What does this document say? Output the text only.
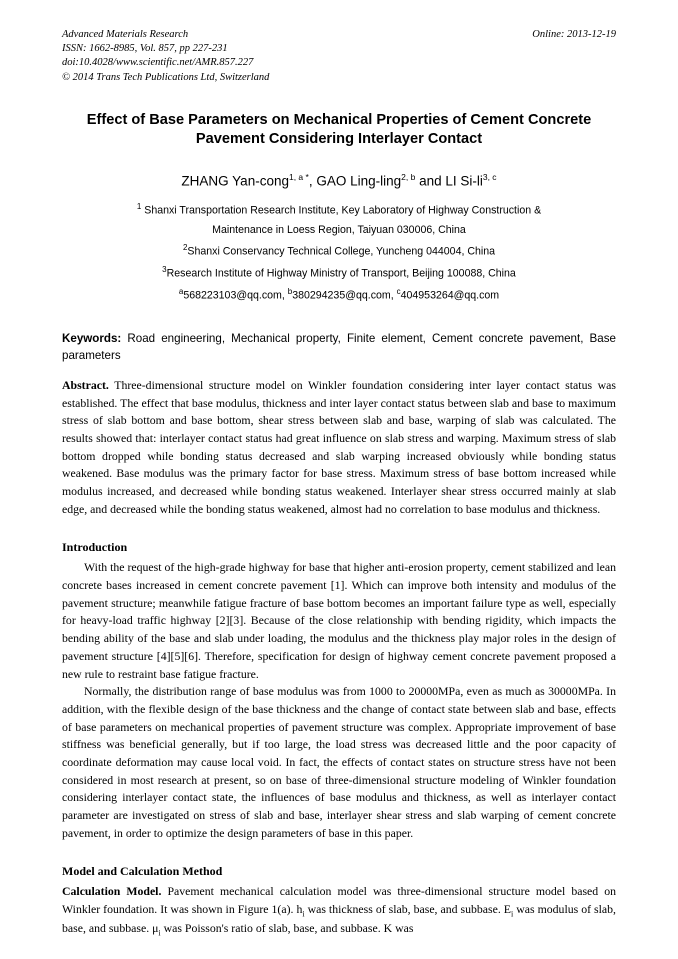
Advanced Materials Research
ISSN: 1662-8985, Vol. 857, pp 227-231
doi:10.4028/www.scientific.net/AMR.857.227
© 2014 Trans Tech Publications Ltd, Switzerland
Online: 2013-12-19
Effect of Base Parameters on Mechanical Properties of Cement Concrete Pavement Considering Interlayer Contact
ZHANG Yan-cong$^{1, a *}$, GAO Ling-ling$^{2, b}$ and LI Si-li$^{3, c}$
$^1$ Shanxi Transportation Research Institute, Key Laboratory of Highway Construction &
Maintenance in Loess Region, Taiyuan 030006, China
$^2$Shanxi Conservancy Technical College, Yuncheng 044004, China
$^3$Research Institute of Highway Ministry of Transport, Beijing 100088, China
$^a$568223103@qq.com, $^b$380294235@qq.com, $^c$404953264@qq.com
Keywords: Road engineering, Mechanical property, Finite element, Cement concrete pavement, Base parameters
Abstract. Three-dimensional structure model on Winkler foundation considering inter layer contact status was established. The effect that base modulus, thickness and inter layer contact status between slab and base to maximum stress of slab bottom and base bottom, shear stress between slab and base, warping of slab was calculated. The results showed that: interlayer contact status had great influence on slab stress and warping. Maximum stress of slab bottom dropped while bonding status decreased and slab warping increased obviously while bonding status weakened. Base modulus was the primary factor for base stress. Maximum stress of base bottom increased while modulus increased, and decreased while bonding status weakened. Interlayer shear stress occurred mainly at slab edge, and decreased while the bonding status weakened, almost had no correlation to base modulus and thickness.
Introduction

With the request of the high-grade highway for base that higher anti-erosion property, cement stabilized and lean concrete bases increased in cement concrete pavement [1]. Which can improve both intensity and modulus of the pavement structure; meanwhile fatigue fracture of base bottom becomes an important failure type as well, especially for heavy-load traffic highway [2][3]. Because of the close relationship with bending rigidity, which impacts the bending ability of the base and slab under loading, the modulus and the thickness play major roles in the design of pavement structure [4][5][6]. Therefore, specification for design of highway cement concrete pavement proposed a new rule to restraint base fatigue fracture.

Normally, the distribution range of base modulus was from 1000 to 20000MPa, even as much as 30000MPa. In addition, with the flexible design of the base thickness and the change of contact state between slab and base, effects of base parameters on mechanical properties of pavement structure was complex. Appropriate improvement of base stiffness was beneficial generally, but if too large, the load stress was decreased little and the poor capacity of coordinate deformation may cause local void. In fact, the effects of contact states on structure stress have not been considered in most research at present, so on base of three-dimensional structure modeling of Winkler foundation considering interlayer contact state, the influences of base modulus and thickness, as well as interlayer contact parameter are investigated on stress of slab and base, interlayer shear stress and slab warping of cement concrete pavement, in order to optimize the design parameters of base in this paper.

Model and Calculation Method

Calculation Model. Pavement mechanical calculation model was three-dimensional structure model based on Winkler foundation. It was shown in Figure 1(a). $h_i$ was thickness of slab, base, and subbase. $E_i$ was modulus of slab, base, and subbase. $\mu_i$ was Poisson's ratio of slab, base, and subbase. K was
